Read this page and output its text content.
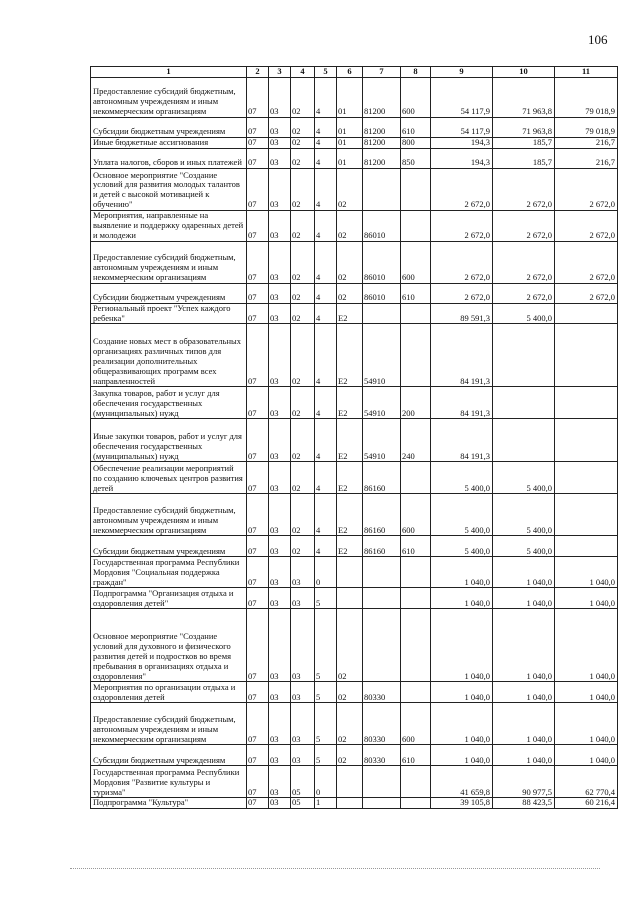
106
1	2	3	4	5	6	7	8	9	10	11
Предоставление субсидий бюджетным, автономным учреждениям и иным некоммерческим организациям	07	03	02	4	01	81200	600	54 117,9	71 963,8	79 018,9
Субсидии бюджетным учреждениям	07	03	02	4	01	81200	610	54 117,9	71 963,8	79 018,9
Иные бюджетные ассигнования	07	03	02	4	01	81200	800	194,3	185,7	216,7
Уплата налогов, сборов и иных платежей	07	03	02	4	01	81200	850	194,3	185,7	216,7
Основное мероприятие "Создание условий для развития молодых талантов и детей с высокой мотивацией к обучению"	07	03	02	4	02			2 672,0	2 672,0	2 672,0
Мероприятия, направленные на выявление и поддержку одаренных детей и молодежи	07	03	02	4	02	86010		2 672,0	2 672,0	2 672,0
Предоставление субсидий бюджетным, автономным учреждениям и иным некоммерческим организациям	07	03	02	4	02	86010	600	2 672,0	2 672,0	2 672,0
Субсидии бюджетным учреждениям	07	03	02	4	02	86010	610	2 672,0	2 672,0	2 672,0
Региональный проект "Успех каждого ребенка"	07	03	02	4	Е2			89 591,3	5 400,0	
Создание новых мест в образовательных организациях различных типов для реализации дополнительных общеразвивающих программ всех направленностей	07	03	02	4	Е2	54910		84 191,3		
Закупка товаров, работ и услуг для обеспечения государственных (муниципальных) нужд	07	03	02	4	Е2	54910	200	84 191,3		
Иные закупки товаров, работ и услуг для обеспечения государственных (муниципальных) нужд	07	03	02	4	Е2	54910	240	84 191,3		
Обеспечение реализации мероприятий по созданию ключевых центров развития детей	07	03	02	4	Е2	86160		5 400,0	5 400,0	
Предоставление субсидий бюджетным, автономным учреждениям и иным некоммерческим организациям	07	03	02	4	Е2	86160	600	5 400,0	5 400,0	
Субсидии бюджетным учреждениям	07	03	02	4	Е2	86160	610	5 400,0	5 400,0	
Государственная программа Республики Мордовия "Социальная поддержка граждан"	07	03	03	0				1 040,0	1 040,0	1 040,0
Подпрограмма "Организация отдыха и оздоровления детей"	07	03	03	5				1 040,0	1 040,0	1 040,0
Основное мероприятие "Создание условий для духовного и физического развития детей и подростков во время пребывания в организациях отдыха и оздоровления"	07	03	03	5	02			1 040,0	1 040,0	1 040,0
Мероприятия по организации отдыха и оздоровления детей	07	03	03	5	02	80330		1 040,0	1 040,0	1 040,0
Предоставление субсидий бюджетным, автономным учреждениям и иным некоммерческим организациям	07	03	03	5	02	80330	600	1 040,0	1 040,0	1 040,0
Субсидии бюджетным учреждениям	07	03	03	5	02	80330	610	1 040,0	1 040,0	1 040,0
Государственная программа Республики Мордовия "Развитие культуры и туризма"	07	03	05	0				41 659,8	90 977,5	62 770,4
Подпрограмма "Культура"	07	03	05	1				39 105,8	88 423,5	60 216,4
